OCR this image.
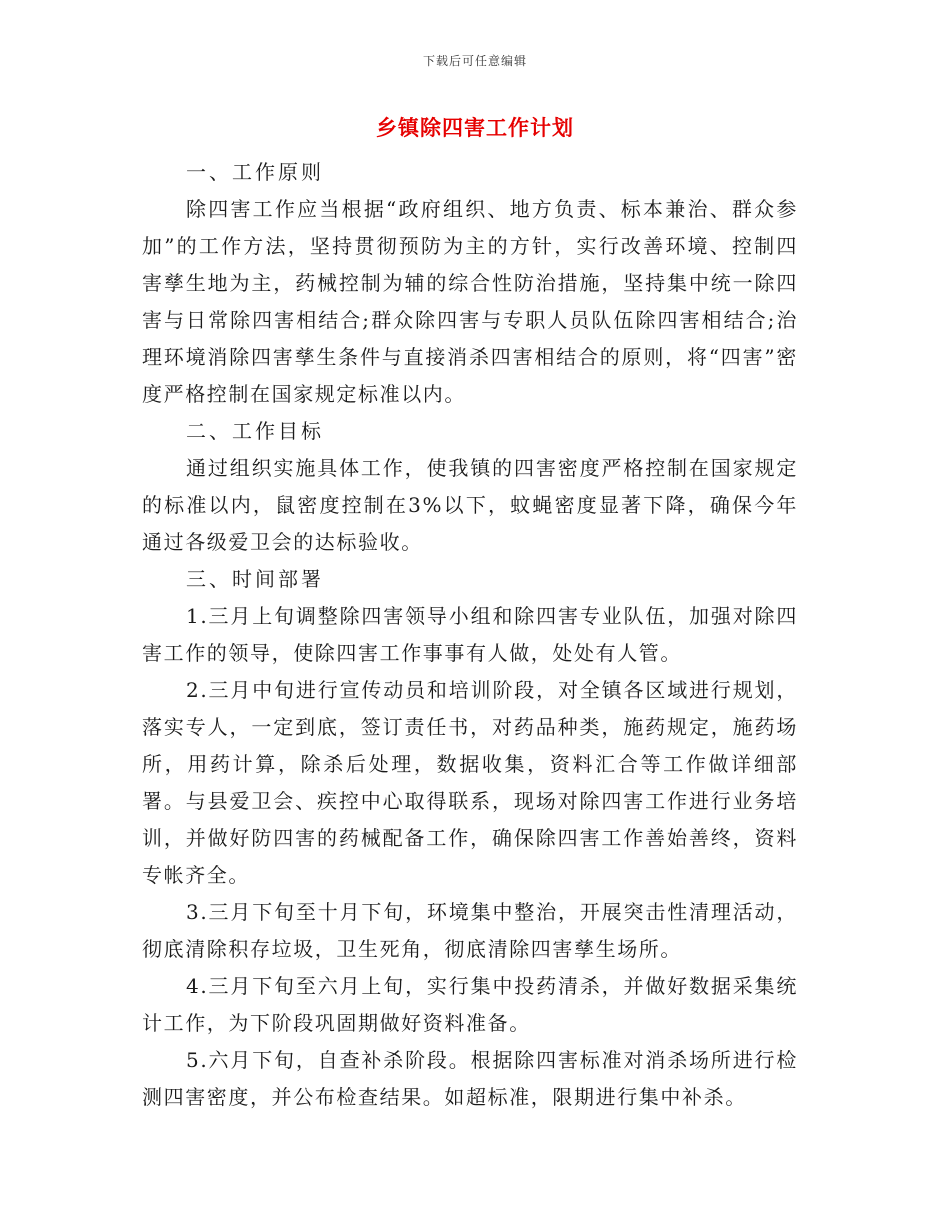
下载后可任意编辑
乡镇除四害工作计划

一、工作原则

除四害工作应当根据“政府组织、地方负责、标本兼治、群众参加”的工作方法，坚持贯彻预防为主的方针，实行改善环境、控制四害孳生地为主，药械控制为辅的综合性防治措施，坚持集中统一除四害与日常除四害相结合;群众除四害与专职人员队伍除四害相结合;治理环境消除四害孳生条件与直接消杀四害相结合的原则，将“四害”密度严格控制在国家规定标准以内。

二、工作目标

通过组织实施具体工作，使我镇的四害密度严格控制在国家规定的标准以内，鼠密度控制在3%以下，蚊蝇密度显著下降，确保今年通过各级爱卫会的达标验收。

三、时间部署

1.三月上旬调整除四害领导小组和除四害专业队伍，加强对除四害工作的领导，使除四害工作事事有人做，处处有人管。

2.三月中旬进行宣传动员和培训阶段，对全镇各区域进行规划，落实专人，一定到底，签订责任书，对药品种类，施药规定，施药场所，用药计算，除杀后处理，数据收集，资料汇合等工作做详细部署。与县爱卫会、疾控中心取得联系，现场对除四害工作进行业务培训，并做好防四害的药械配备工作，确保除四害工作善始善终，资料专帐齐全。

3.三月下旬至十月下旬，环境集中整治，开展突击性清理活动，彻底清除积存垃圾，卫生死角，彻底清除四害孳生场所。

4.三月下旬至六月上旬，实行集中投药清杀，并做好数据采集统计工作，为下阶段巩固期做好资料准备。

5.六月下旬，自查补杀阶段。根据除四害标准对消杀场所进行检测四害密度，并公布检查结果。如超标准，限期进行集中补杀。
